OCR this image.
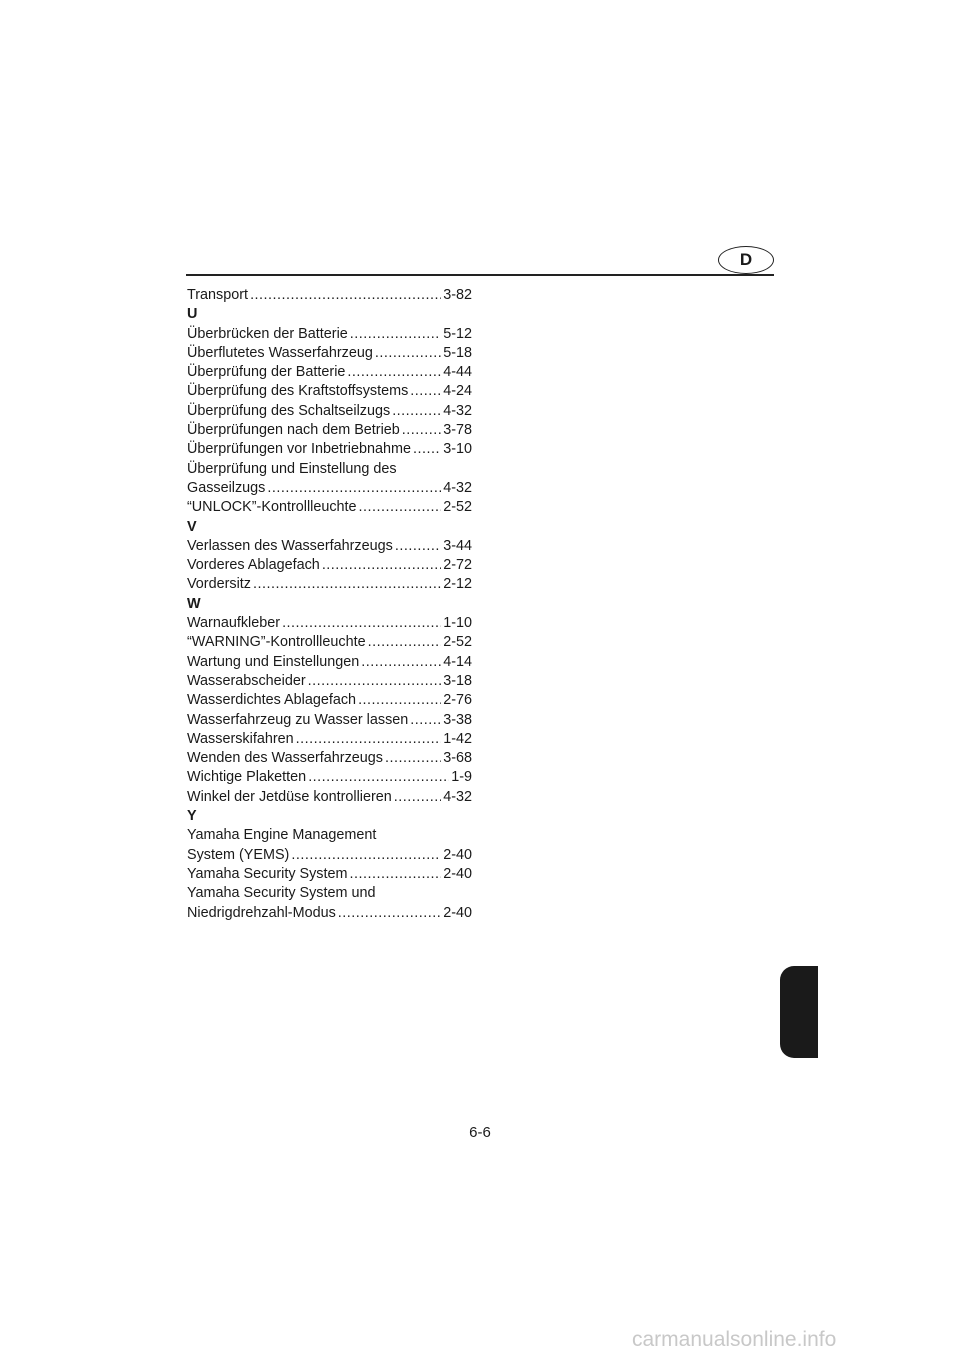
D
Transport .....	3-82
U
Überbrücken der Batterie .....	5-12
Überflutetes Wasserfahrzeug .....	5-18
Überprüfung der Batterie .....	4-44
Überprüfung des Kraftstoffsystems ..... 4-24
Überprüfung des Schaltseilzugs .....	4-32
Überprüfungen nach dem Betrieb .....	3-78
Überprüfungen vor Inbetriebnahme ..... 3-10
Überprüfung und Einstellung des
Gasseilzugs .....	4-32
“UNLOCK”-Kontrollleuchte .....	2-52
V
Verlassen des Wasserfahrzeugs .....	3-44
Vorderes Ablagefach .....	2-72
Vordersitz .....	2-12
W
Warnaufkleber .....	1-10
“WARNING”-Kontrollleuchte .....	2-52
Wartung und Einstellungen .....	4-14
Wasserabscheider .....	3-18
Wasserdichtes Ablagefach .....	2-76
Wasserfahrzeug zu Wasser lassen ..... 3-38
Wasserskifahren .....	1-42
Wenden des Wasserfahrzeugs .....	3-68
Wichtige Plaketten .....	1-9
Winkel der Jetdüse kontrollieren .....	4-32
Y
Yamaha Engine Management
System (YEMS) .....	2-40
Yamaha Security System .....	2-40
Yamaha Security System und
Niedrigdrehzahl-Modus .....	2-40
6-6
carmanualsonline.info
